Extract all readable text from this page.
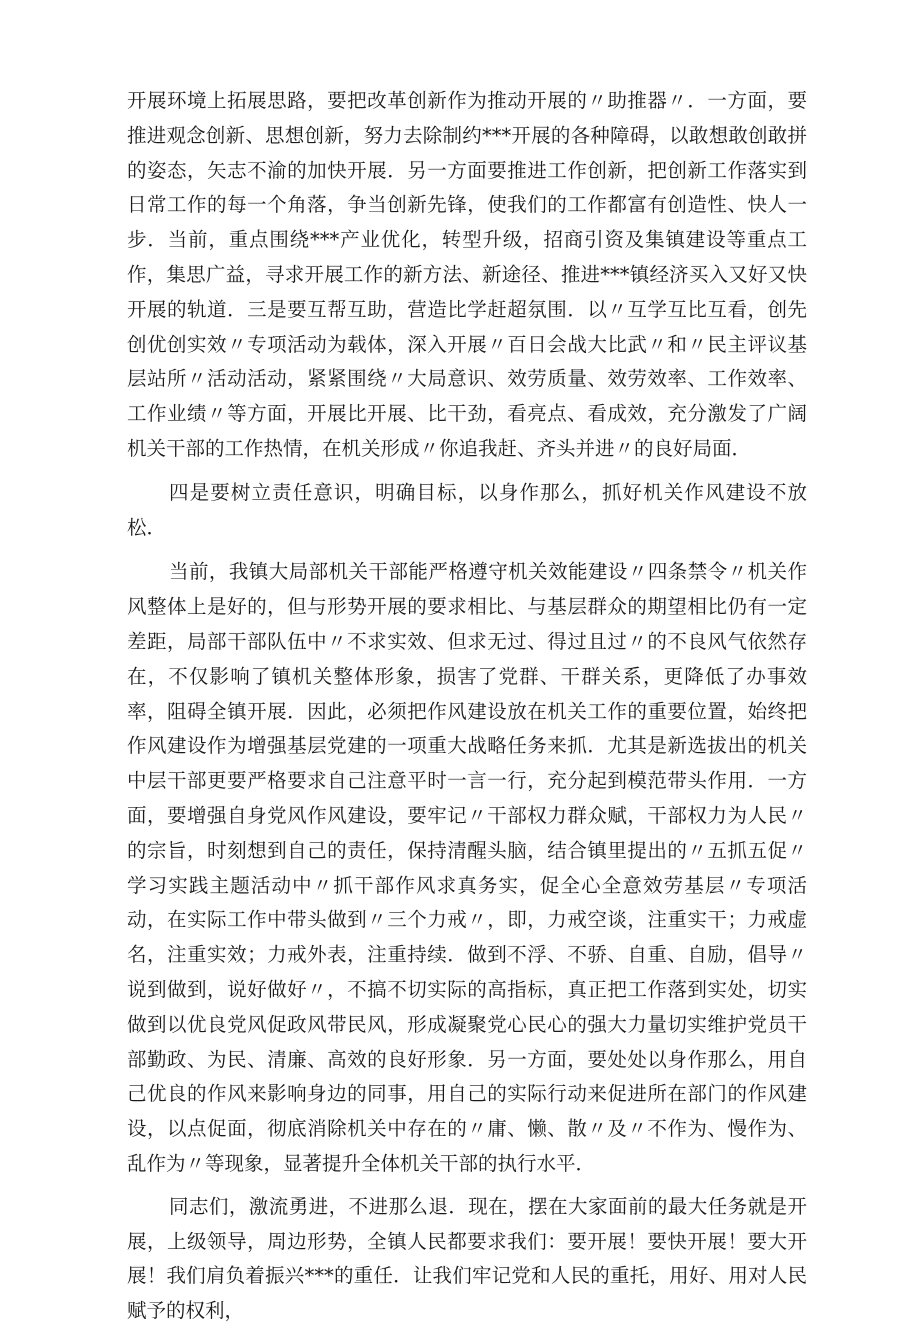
开展环境上拓展思路，要把改革创新作为推动开展的〃助推器〃．一方面，要推进观念创新、思想创新，努力去除制约***开展的各种障碍，以敢想敢创敢拼的姿态，矢志不渝的加快开展．另一方面要推进工作创新，把创新工作落实到日常工作的每一个角落，争当创新先锋，使我们的工作都富有创造性、快人一步．当前，重点围绕***产业优化，转型升级，招商引资及集镇建设等重点工作，集思广益，寻求开展工作的新方法、新途径、推进***镇经济买入又好又快开展的轨道．三是要互帮互助，营造比学赶超氛围．以〃互学互比互看，创先创优创实效〃专项活动为载体，深入开展〃百日会战大比武〃和〃民主评议基层站所〃活动活动，紧紧围绕〃大局意识、效劳质量、效劳效率、工作效率、工作业绩〃等方面，开展比开展、比干劲，看亮点、看成效，充分激发了广阔机关干部的工作热情，在机关形成〃你追我赶、齐头并进〃的良好局面．

四是要树立责任意识，明确目标，以身作那么，抓好机关作风建设不放松．

当前，我镇大局部机关干部能严格遵守机关效能建设〃四条禁令〃机关作风整体上是好的，但与形势开展的要求相比、与基层群众的期望相比仍有一定差距，局部干部队伍中〃不求实效、但求无过、得过且过〃的不良风气依然存在，不仅影响了镇机关整体形象，损害了党群、干群关系，更降低了办事效率，阻碍全镇开展．因此，必须把作风建设放在机关工作的重要位置，始终把作风建设作为增强基层党建的一项重大战略任务来抓．尤其是新选拔出的机关中层干部更要严格要求自己注意平时一言一行，充分起到模范带头作用．一方面，要增强自身党风作风建设，要牢记〃干部权力群众赋，干部权力为人民〃的宗旨，时刻想到自己的责任，保持清醒头脑，结合镇里提出的〃五抓五促〃学习实践主题活动中〃抓干部作风求真务实，促全心全意效劳基层〃专项活动，在实际工作中带头做到〃三个力戒〃，即，力戒空谈，注重实干；力戒虚名，注重实效；力戒外表，注重持续．做到不浮、不骄、自重、自励，倡导〃说到做到，说好做好〃，不搞不切实际的高指标，真正把工作落到实处，切实做到以优良党风促政风带民风，形成凝聚党心民心的强大力量切实维护党员干部勤政、为民、清廉、高效的良好形象．另一方面，要处处以身作那么，用自己优良的作风来影响身边的同事，用自己的实际行动来促进所在部门的作风建设，以点促面，彻底消除机关中存在的〃庸、懒、散〃及〃不作为、慢作为、乱作为〃等现象，显著提升全体机关干部的执行水平．

同志们，激流勇进，不进那么退．现在，摆在大家面前的最大任务就是开展，上级领导，周边形势，全镇人民都要求我们：要开展！要快开展！要大开展！我们肩负着振兴***的重任．让我们牢记党和人民的重托，用好、用对人民赋予的权利，
